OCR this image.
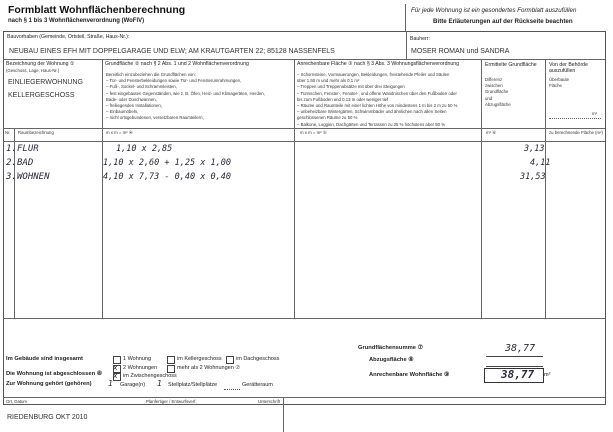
Formblatt Wohnflächenberechnung
nach § 1 bis 3 Wohnflächenverordnung (WoFlV)
Für jede Wohnung ist ein gesondertes Formblatt auszufüllen
Bitte Erläuterungen auf der Rückseite beachten
Bauvorhaben (Gemeinde, Ortsteil, Straße, Haus-Nr.):
NEUBAU EINES EFH MIT DOPPELGARAGE UND ELW; AM KRAUTGARTEN 22; 85128 NASSENFELS
Bauherr:
MOSER ROMAN und SANDRA
Bezeichnung der Wohnung ①
(Geschoss, Lage, Haus-Nr.)
EINLIEGERWOHNUNG
KELLERGESCHOSS
Grundfläche ② nach § 2 Abs. 1 und 2 Wohnflächenverordnung
Bereitlich einzubeziehen die Grundflächen von:
– Tür- und Fensterbekleidungen sowie Tür- und Fensterumrahmungen,
– Fuß-, Sockel- und Schrammleisten,
– fest eingebauten Gegenständen, wie z. B. Öfen, Heiz- und Klimageräten, Herden,
Bade- oder Duschwannen,
– freiliegenden Installationen,
– Einbaumöbeln,
– nicht ortsgebundenen, versetzbaren Raumteilern,
Anrechenbare Fläche ③ nach § 3 Abs. 3 Wohnungsflächenverordnung
– Schornsteine, Vormauerungen, Bekleidungen, freistehende Pfeiler und Säulen
über 1,50 m und mehr als 0,1 m²
– Treppen und Treppenabsätze mit über drei Steigungen
– Türnischen, Fenster-, Fenster-, und offene Wandnischen über den Fußboden oder
bis zum Fußboden und 0,13 m oder weniger tief
– Räume und Raumteile mit einer lichten Höhe von mindestens 1 m bis 2 m zu 50 %
– unbeheizbare Wintergärten, Schwimmbäder und ähnlichen nach allen Seiten
geschlossenen Räume zu 50 %
– Balkone, Loggien, Dachgärten und Terrassen zu 25 % höchstens aber 50 %
Ermittelte Grundfläche
Differenz
zwischen
Grundfläche
und
Abzugsfläche
Von der Behörde auszufüllen
Überbaute
Fläche
m²
Nr. Raumbezeichnung	m x m = m² ④	m x m = m² ⑤	m² ⑥	zu berechnende Fläche (m²)
1. FLUR	1,10 x 2,85	3,13
2. BAD	1,10 x 2,60 + 1,25 x 1,00	4,11
3. WOHNEN	4,10 x 7,73 - 0,40 x 0,40	31,53
Im Gebäude sind insgesamt	1 Wohnung	im Kellergeschoss	im Dachgeschoss
x 2 Wohnungen	mehr als 2 Wohnungen ⑦
im Zwischengeschoss
Die Wohnung ist abgeschlossen ⑧ x
Zur Wohnung gehört (gehören) 1 Garage(n) 1 Stellplatz/Stellplätze	Gerätteraum
Grundflächensumme ⑦	38,77
Abzugsfläche ⑧
Anrechenbare Wohnfläche ⑨	38,77 m²
Ort, Datum	Planfertiger / Entwurfsverf.	Unterschrift
RIEDENBURG OKT 2010
